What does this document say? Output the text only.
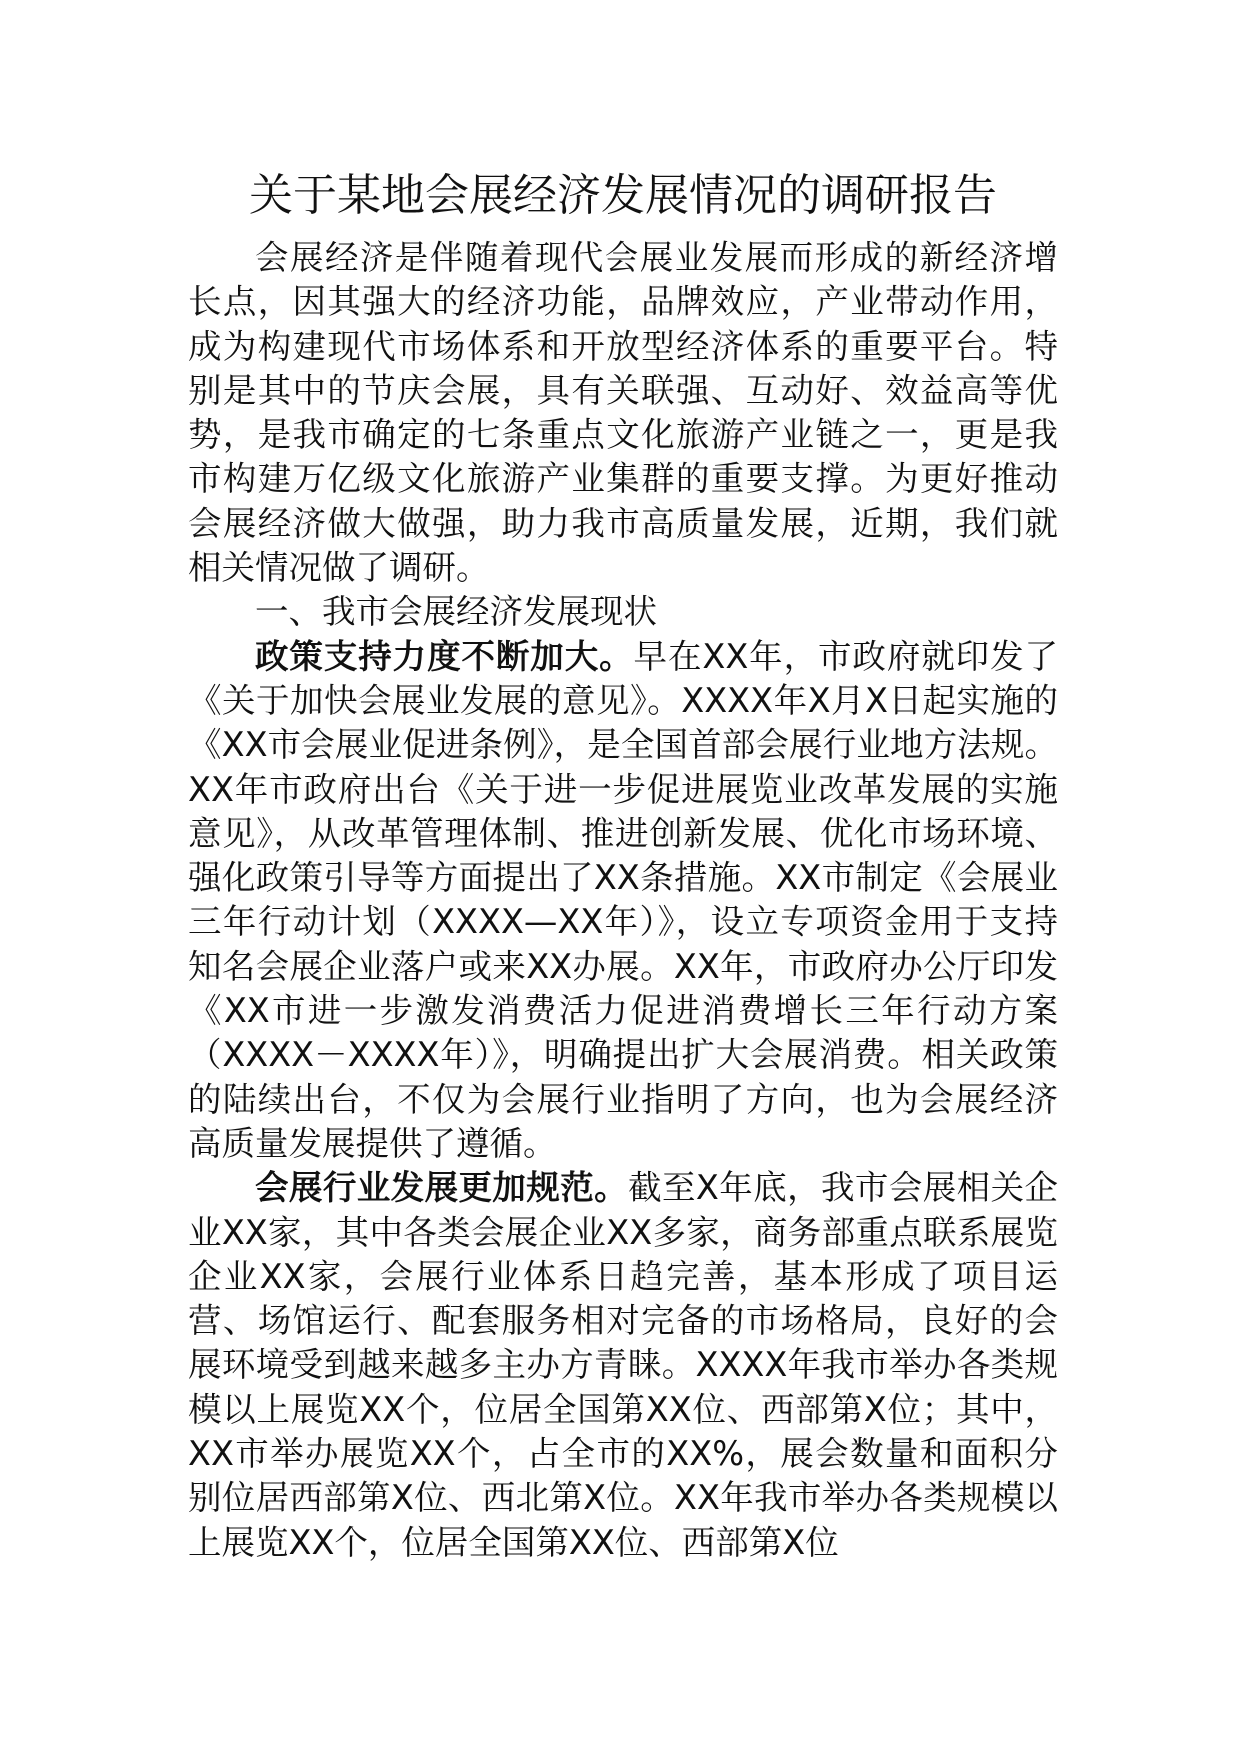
关于某地会展经济发展情况的调研报告

会展经济是伴随着现代会展业发展而形成的新经济增长点，因其强大的经济功能，品牌效应，产业带动作用，成为构建现代市场体系和开放型经济体系的重要平台。特别是其中的节庆会展，具有关联强、互动好、效益高等优势，是我市确定的七条重点文化旅游产业链之一，更是我市构建万亿级文化旅游产业集群的重要支撑。为更好推动会展经济做大做强，助力我市高质量发展，近期，我们就相关情况做了调研。

一、我市会展经济发展现状

政策支持力度不断加大。早在XX年，市政府就印发了《关于加快会展业发展的意见》。XXXX年X月X日起实施的《XX市会展业促进条例》，是全国首部会展行业地方法规。XX年市政府出台《关于进一步促进展览业改革发展的实施意见》，从改革管理体制、推进创新发展、优化市场环境、强化政策引导等方面提出了XX条措施。XX市制定《会展业三年行动计划（XXXX—XX年）》，设立专项资金用于支持知名会展企业落户或来XX办展。XX年，市政府办公厅印发《XX市进一步激发消费活力促进消费增长三年行动方案（XXXX－XXXX年）》，明确提出扩大会展消费。相关政策的陆续出台，不仅为会展行业指明了方向，也为会展经济高质量发展提供了遵循。

会展行业发展更加规范。截至X年底，我市会展相关企业XX家，其中各类会展企业XX多家，商务部重点联系展览企业XX家，会展行业体系日趋完善，基本形成了项目运营、场馆运行、配套服务相对完备的市场格局，良好的会展环境受到越来越多主办方青睐。XXXX年我市举办各类规模以上展览XX个，位居全国第XX位、西部第X位；其中，XX市举办展览XX个，占全市的XX%，展会数量和面积分别位居西部第X位、西北第X位。XX年我市举办各类规模以上展览XX个，位居全国第XX位、西部第X位
